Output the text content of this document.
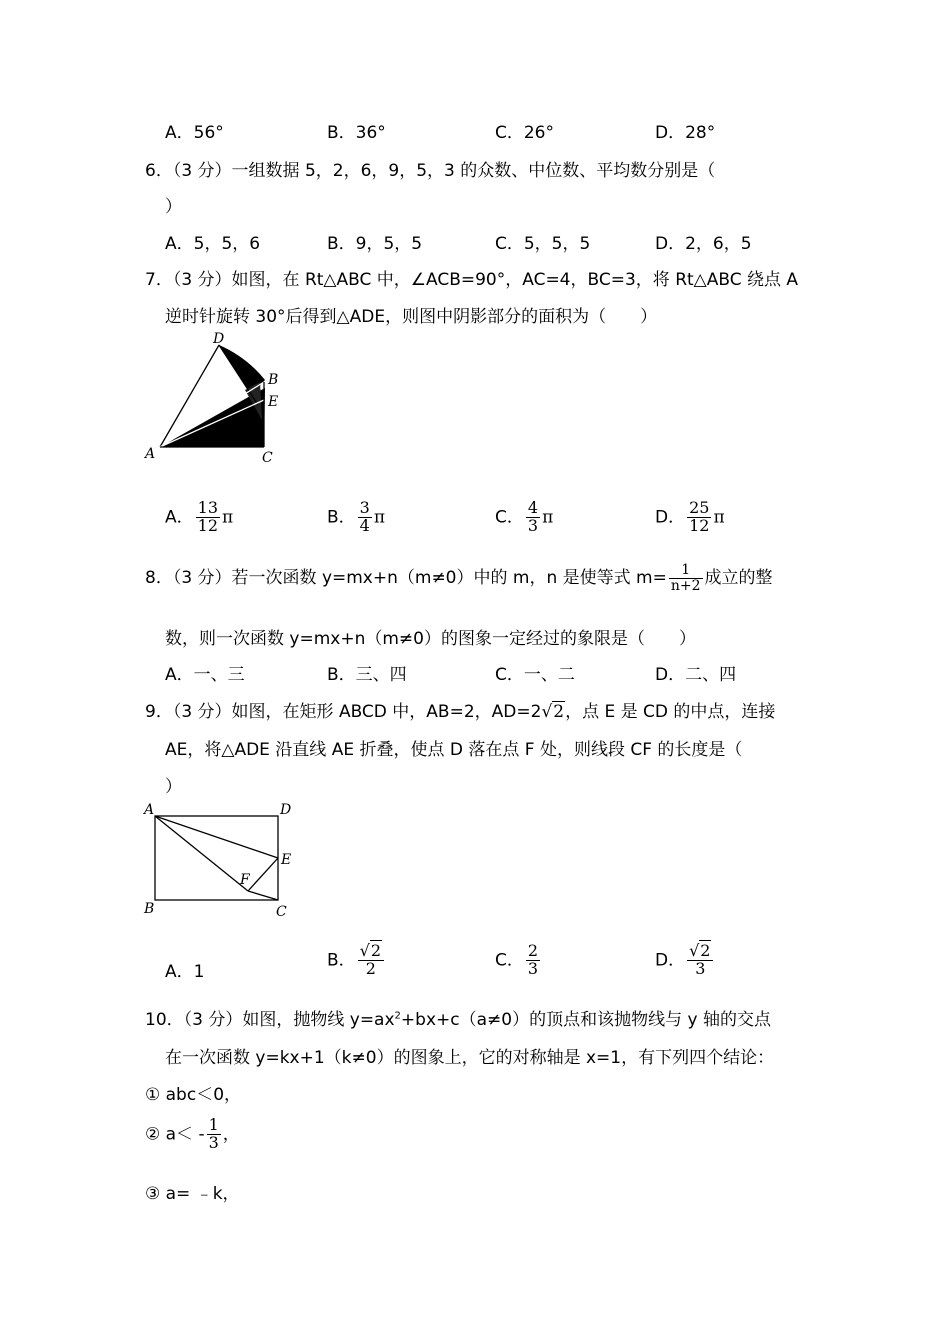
A．56°	B．36°	C．26°	D．28°
6．（3 分）一组数据 5，2，6，9，5，3 的众数、中位数、平均数分别是（
）
A．5，5，6	B．9，5，5	C．5，5，5	D．2，6，5
7．（3 分）如图，在 Rt△ABC 中，∠ACB=90°，AC=4，BC=3，将 Rt△ABC 绕点 A
逆时针旋转 30°后得到△ADE，则图中阴影部分的面积为（　　）
D
B
E
A	C
A． $\frac{13}{12}$ π	B． $\frac{3}{4}$ π	C． $\frac{4}{3}$ π	D． $\frac{25}{12}$ π
8．（3 分）若一次函数 y=mx+n（m≠0）中的 m，n 是使等式 $m= \frac{1}{n+2}$ 成立的整
数，则一次函数 y=mx+n（m≠0）的图象一定经过的象限是（　　）
A．一、三	B．三、四	C．一、二	D．二、四
9．（3 分）如图，在矩形 ABCD 中，AB=2，AD=2√2，点 E 是 CD 的中点，连接
AE，将△ADE 沿直线 AE 折叠，使点 D 落在点 F 处，则线段 CF 的长度是（
）
A	D
E
F
B	C
A．1
B． $\frac{√2}{2}$	C． $\frac{2}{3}$	D． $\frac{√2}{3}$
10．（3 分）如图，抛物线 $y=ax^2+bx+c(a\ne 0)$的顶点和该抛物线与 y 轴的交点
在一次函数 y=kx+1（k≠0）的图象上，它的对称轴是 x=1，有下列四个结论：
① abc＜0，
② $a< - \frac{1}{3}$ ，
③ a= ﹣k，
